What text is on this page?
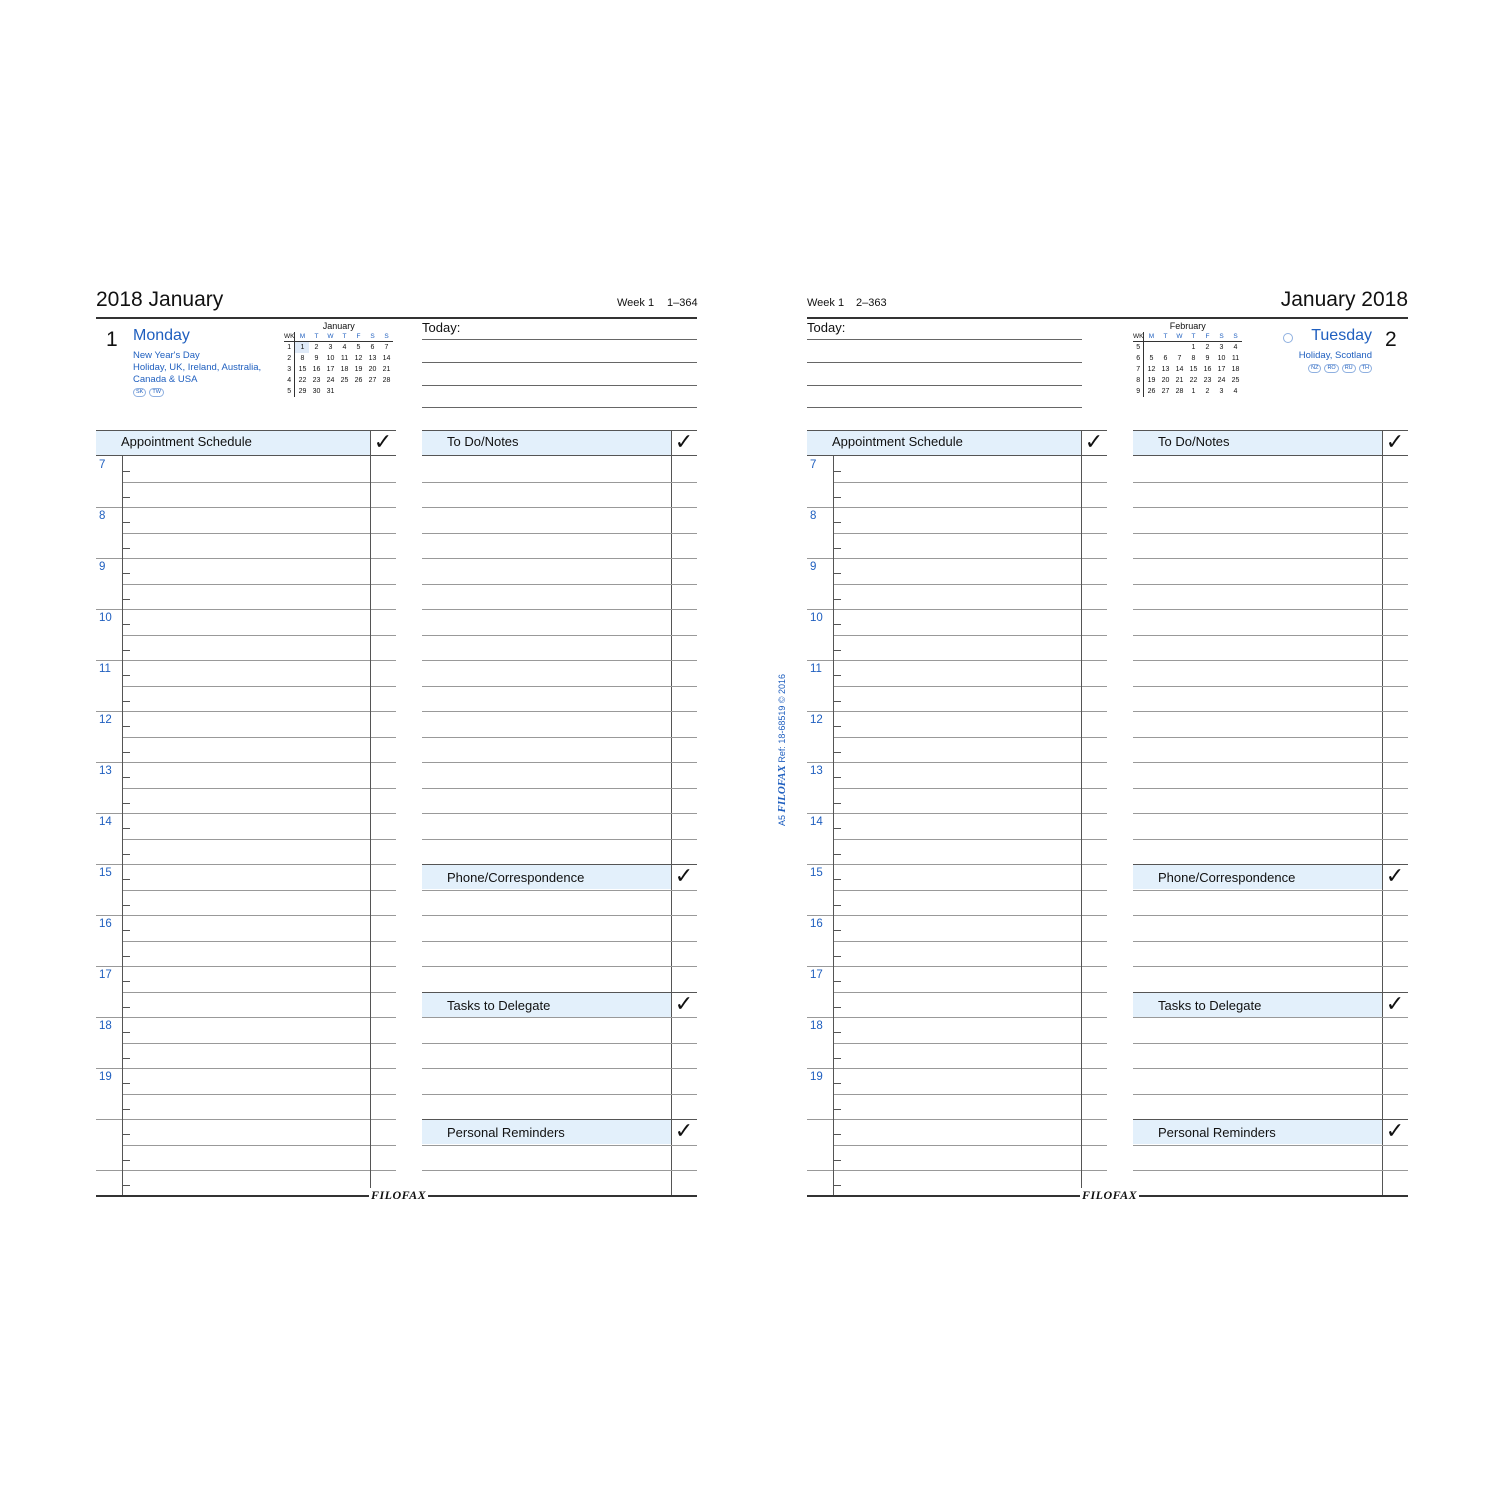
2018 January	Week 1 1–364
1 Monday
New Year's Day
Holiday, UK, Ireland, Australia,
Canada & USA
SK	TW
January
WK	M	T	W	T	F	S	S
1	1	2	3	4	5	6	7
2	8	9	10	11	12	13	14
3	15	16	17	18	19	20	21
4	22	23	24	25	26	27	28
5	29	30	31				
Today:
Appointment Schedule	✓
7
8
9
10
11
12
13
14
15
16
17
18
19
To Do/Notes	✓
Phone/Correspondence	✓
Tasks to Delegate	✓
Personal Reminders	✓
FILOFAX
Week 1 2–363	January 2018
Tuesday 2
Holiday, Scotland
NZ	RO	RU	TH
February
WK	M	T	W	T	F	S	S
5				1	2	3	4
6	5	6	7	8	9	10	11
7	12	13	14	15	16	17	18
8	19	20	21	22	23	24	25
9	26	27	28	1	2	3	4
Today:
Appointment Schedule	✓
7
8
9
10
11
12
13
14
15
16
17
18
19
To Do/Notes	✓
Phone/Correspondence	✓
Tasks to Delegate	✓
Personal Reminders	✓
FILOFAX
A5 FILOFAX Ref: 18-68519 © 2016
